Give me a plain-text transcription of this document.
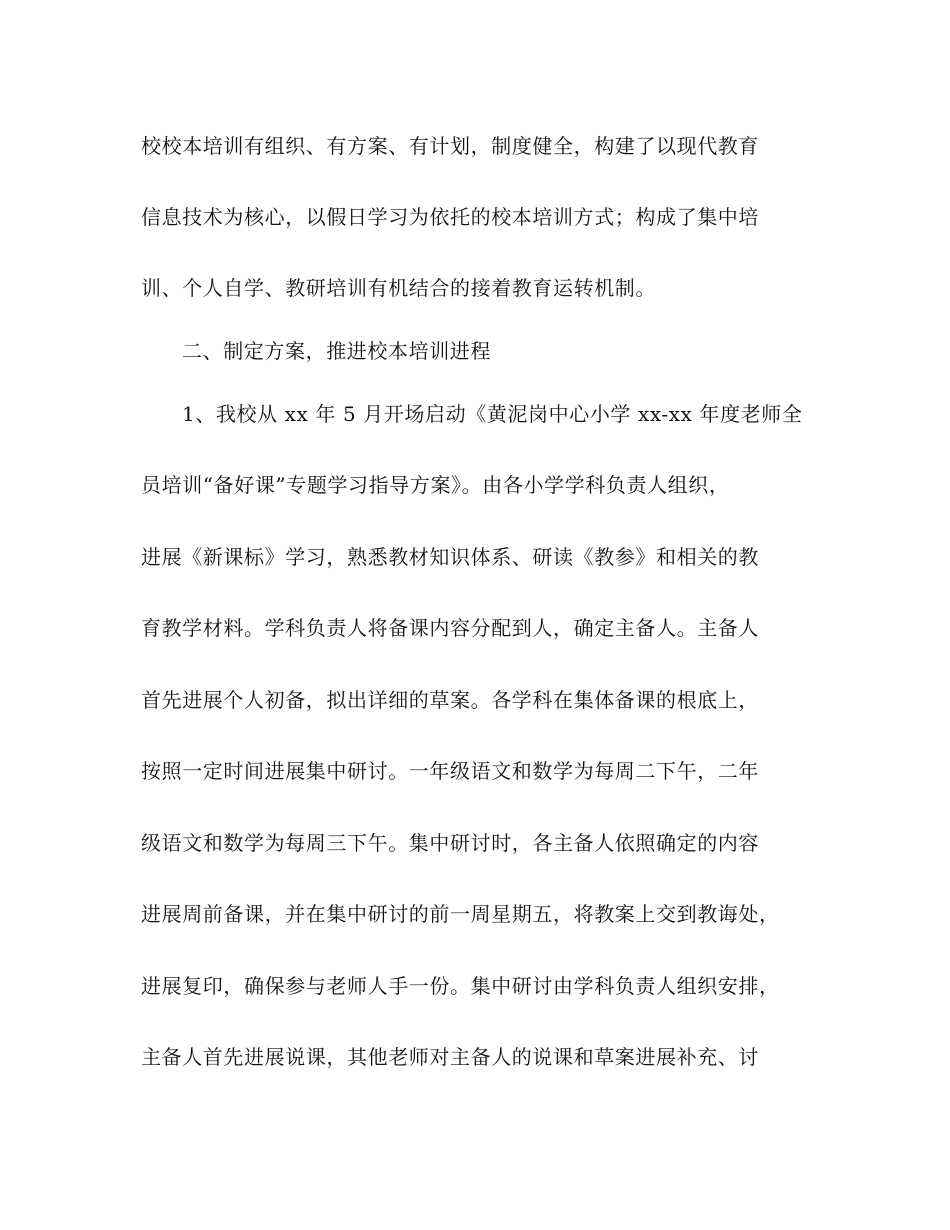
校校本培训有组织、有方案、有计划，制度健全，构建了以现代教育
信息技术为核心，以假日学习为依托的校本培训方式；构成了集中培
训、个人自学、教研培训有机结合的接着教育运转机制。
二、制定方案，推进校本培训进程
1、我校从 xx 年 5 月开场启动《黄泥岗中心小学 xx-xx 年度老师全
员培训“备好课”专题学习指导方案》。由各小学学科负责人组织，
进展《新课标》学习，熟悉教材知识体系、研读《教参》和相关的教
育教学材料。学科负责人将备课内容分配到人，确定主备人。主备人
首先进展个人初备，拟出详细的草案。各学科在集体备课的根底上，
按照一定时间进展集中研讨。一年级语文和数学为每周二下午，二年
级语文和数学为每周三下午。集中研讨时，各主备人依照确定的内容
进展周前备课，并在集中研讨的前一周星期五，将教案上交到教诲处，
进展复印，确保参与老师人手一份。集中研讨由学科负责人组织安排，
主备人首先进展说课，其他老师对主备人的说课和草案进展补充、讨
